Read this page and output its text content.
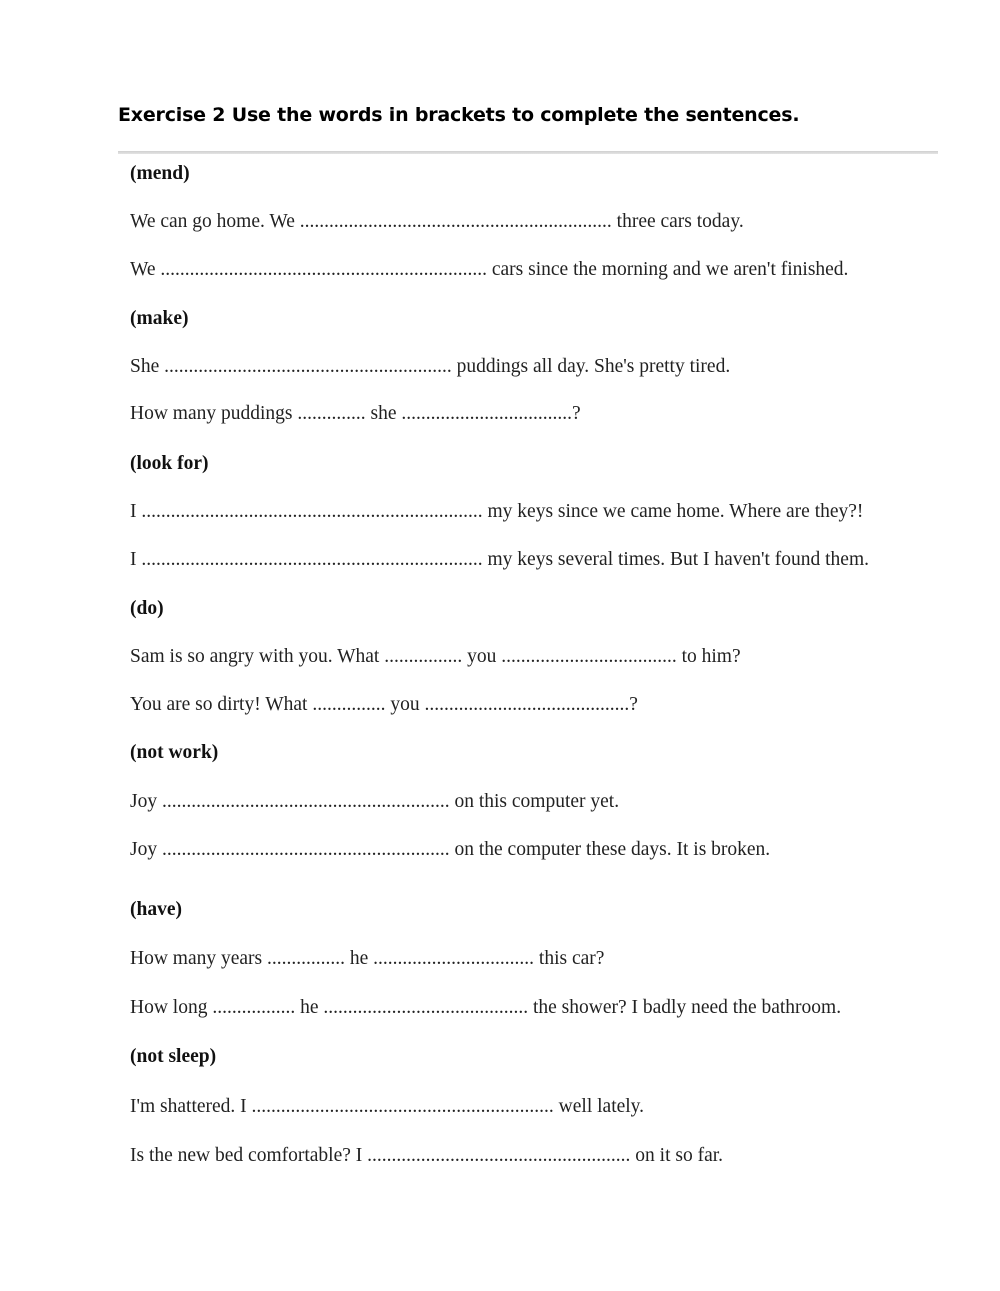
Exercise 2 Use the words in brackets to complete the sentences.
(mend)
We can go home. We ................................................................ three cars today.
We ................................................................... cars since the morning and we aren't finished.
(make)
She ........................................................... puddings all day. She's pretty tired.
How many puddings .............. she ...................................?
(look for)
I ...................................................................... my keys since we came home. Where are they?!
I ...................................................................... my keys several times. But I haven't found them.
(do)
Sam is so angry with you. What ................ you .................................... to him?
You are so dirty! What ............... you ..........................................?
(not work)
Joy ........................................................... on this computer yet.
Joy ........................................................... on the computer these days. It is broken.
(have)
How many years ................ he ................................. this car?
How long ................. he .......................................... the shower? I badly need the bathroom.
(not sleep)
I'm shattered. I .............................................................. well lately.
Is the new bed comfortable? I ...................................................... on it so far.
